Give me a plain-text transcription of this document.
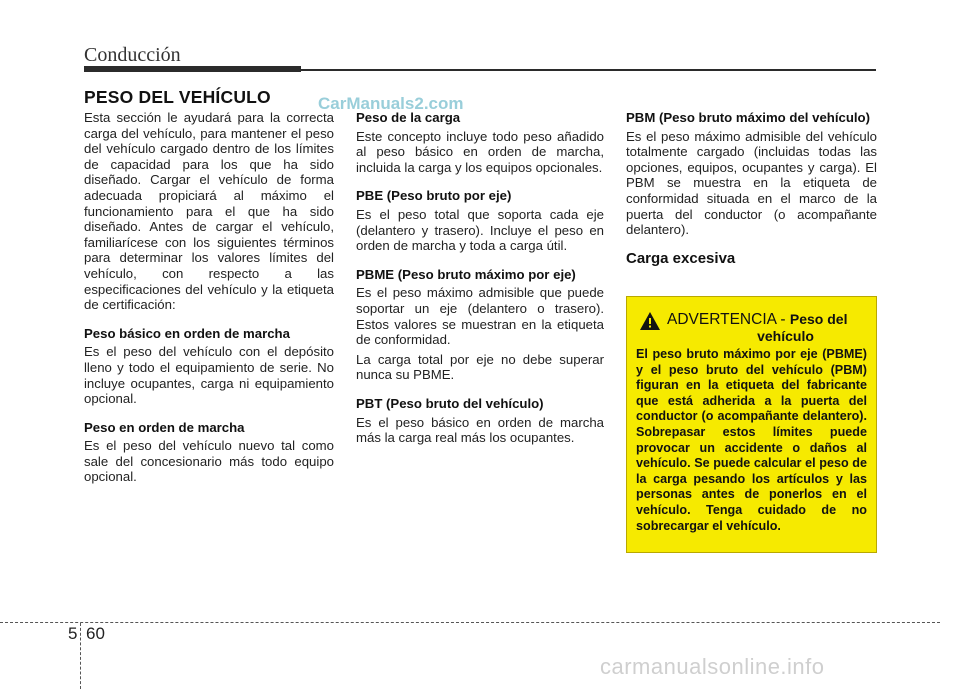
Conducción
PESO DEL VEHÍCULO	CarManuals2.com

Esta sección le ayudará para la correcta carga del vehículo, para mantener el peso del vehículo cargado dentro de los límites de capacidad para los que ha sido diseñado. Cargar el vehículo de forma adecuada propiciará al máximo el funcionamiento para el que ha sido diseñado. Antes de cargar el vehículo, familiarícese con los siguientes términos para determinar los valores límites del vehículo, con respecto a las especificaciones del vehículo y la etiqueta de certificación:

Peso básico en orden de marcha

Es el peso del vehículo con el depósito lleno y todo el equipamiento de serie. No incluye ocupantes, carga ni equipamiento opcional.

Peso en orden de marcha

Es el peso del vehículo nuevo tal como sale del concesionario más todo equipo opcional.

Peso de la carga

Este concepto incluye todo peso añadido al peso básico en orden de marcha, incluida la carga y los equipos opcionales.

PBE (Peso bruto por eje)

Es el peso total que soporta cada eje (delantero y trasero). Incluye el peso en orden de marcha y toda a carga útil.

PBME (Peso bruto máximo por eje)

Es el peso máximo admisible que puede soportar un eje (delantero o trasero). Estos valores se muestran en la etiqueta de conformidad.

La carga total por eje no debe superar nunca su PBME.

PBT (Peso bruto del vehículo)

Es el peso básico en orden de marcha más la carga real más los ocupantes.

PBM (Peso bruto máximo del vehículo)

Es el peso máximo admisible del vehículo totalmente cargado (incluidas todas las opciones, equipos, ocupantes y carga). El PBM se muestra en la etiqueta de conformidad situada en el marco de la puerta del conductor (o acompañante delantero).

Carga excesiva
ADVERTENCIA - Peso del
vehículo
El peso bruto máximo por eje (PBME) y el peso bruto del vehículo (PBM) figuran en la etiqueta del fabricante que está adherida a la puerta del conductor (o acompañante delantero). Sobrepasar estos límites puede provocar un accidente o daños al vehículo. Se puede calcular el peso de la carga pesando los artículos y las personas antes de ponerlos en el vehículo. Tenga cuidado de no sobrecargar el vehículo.
5 60
carmanualsonline.info
